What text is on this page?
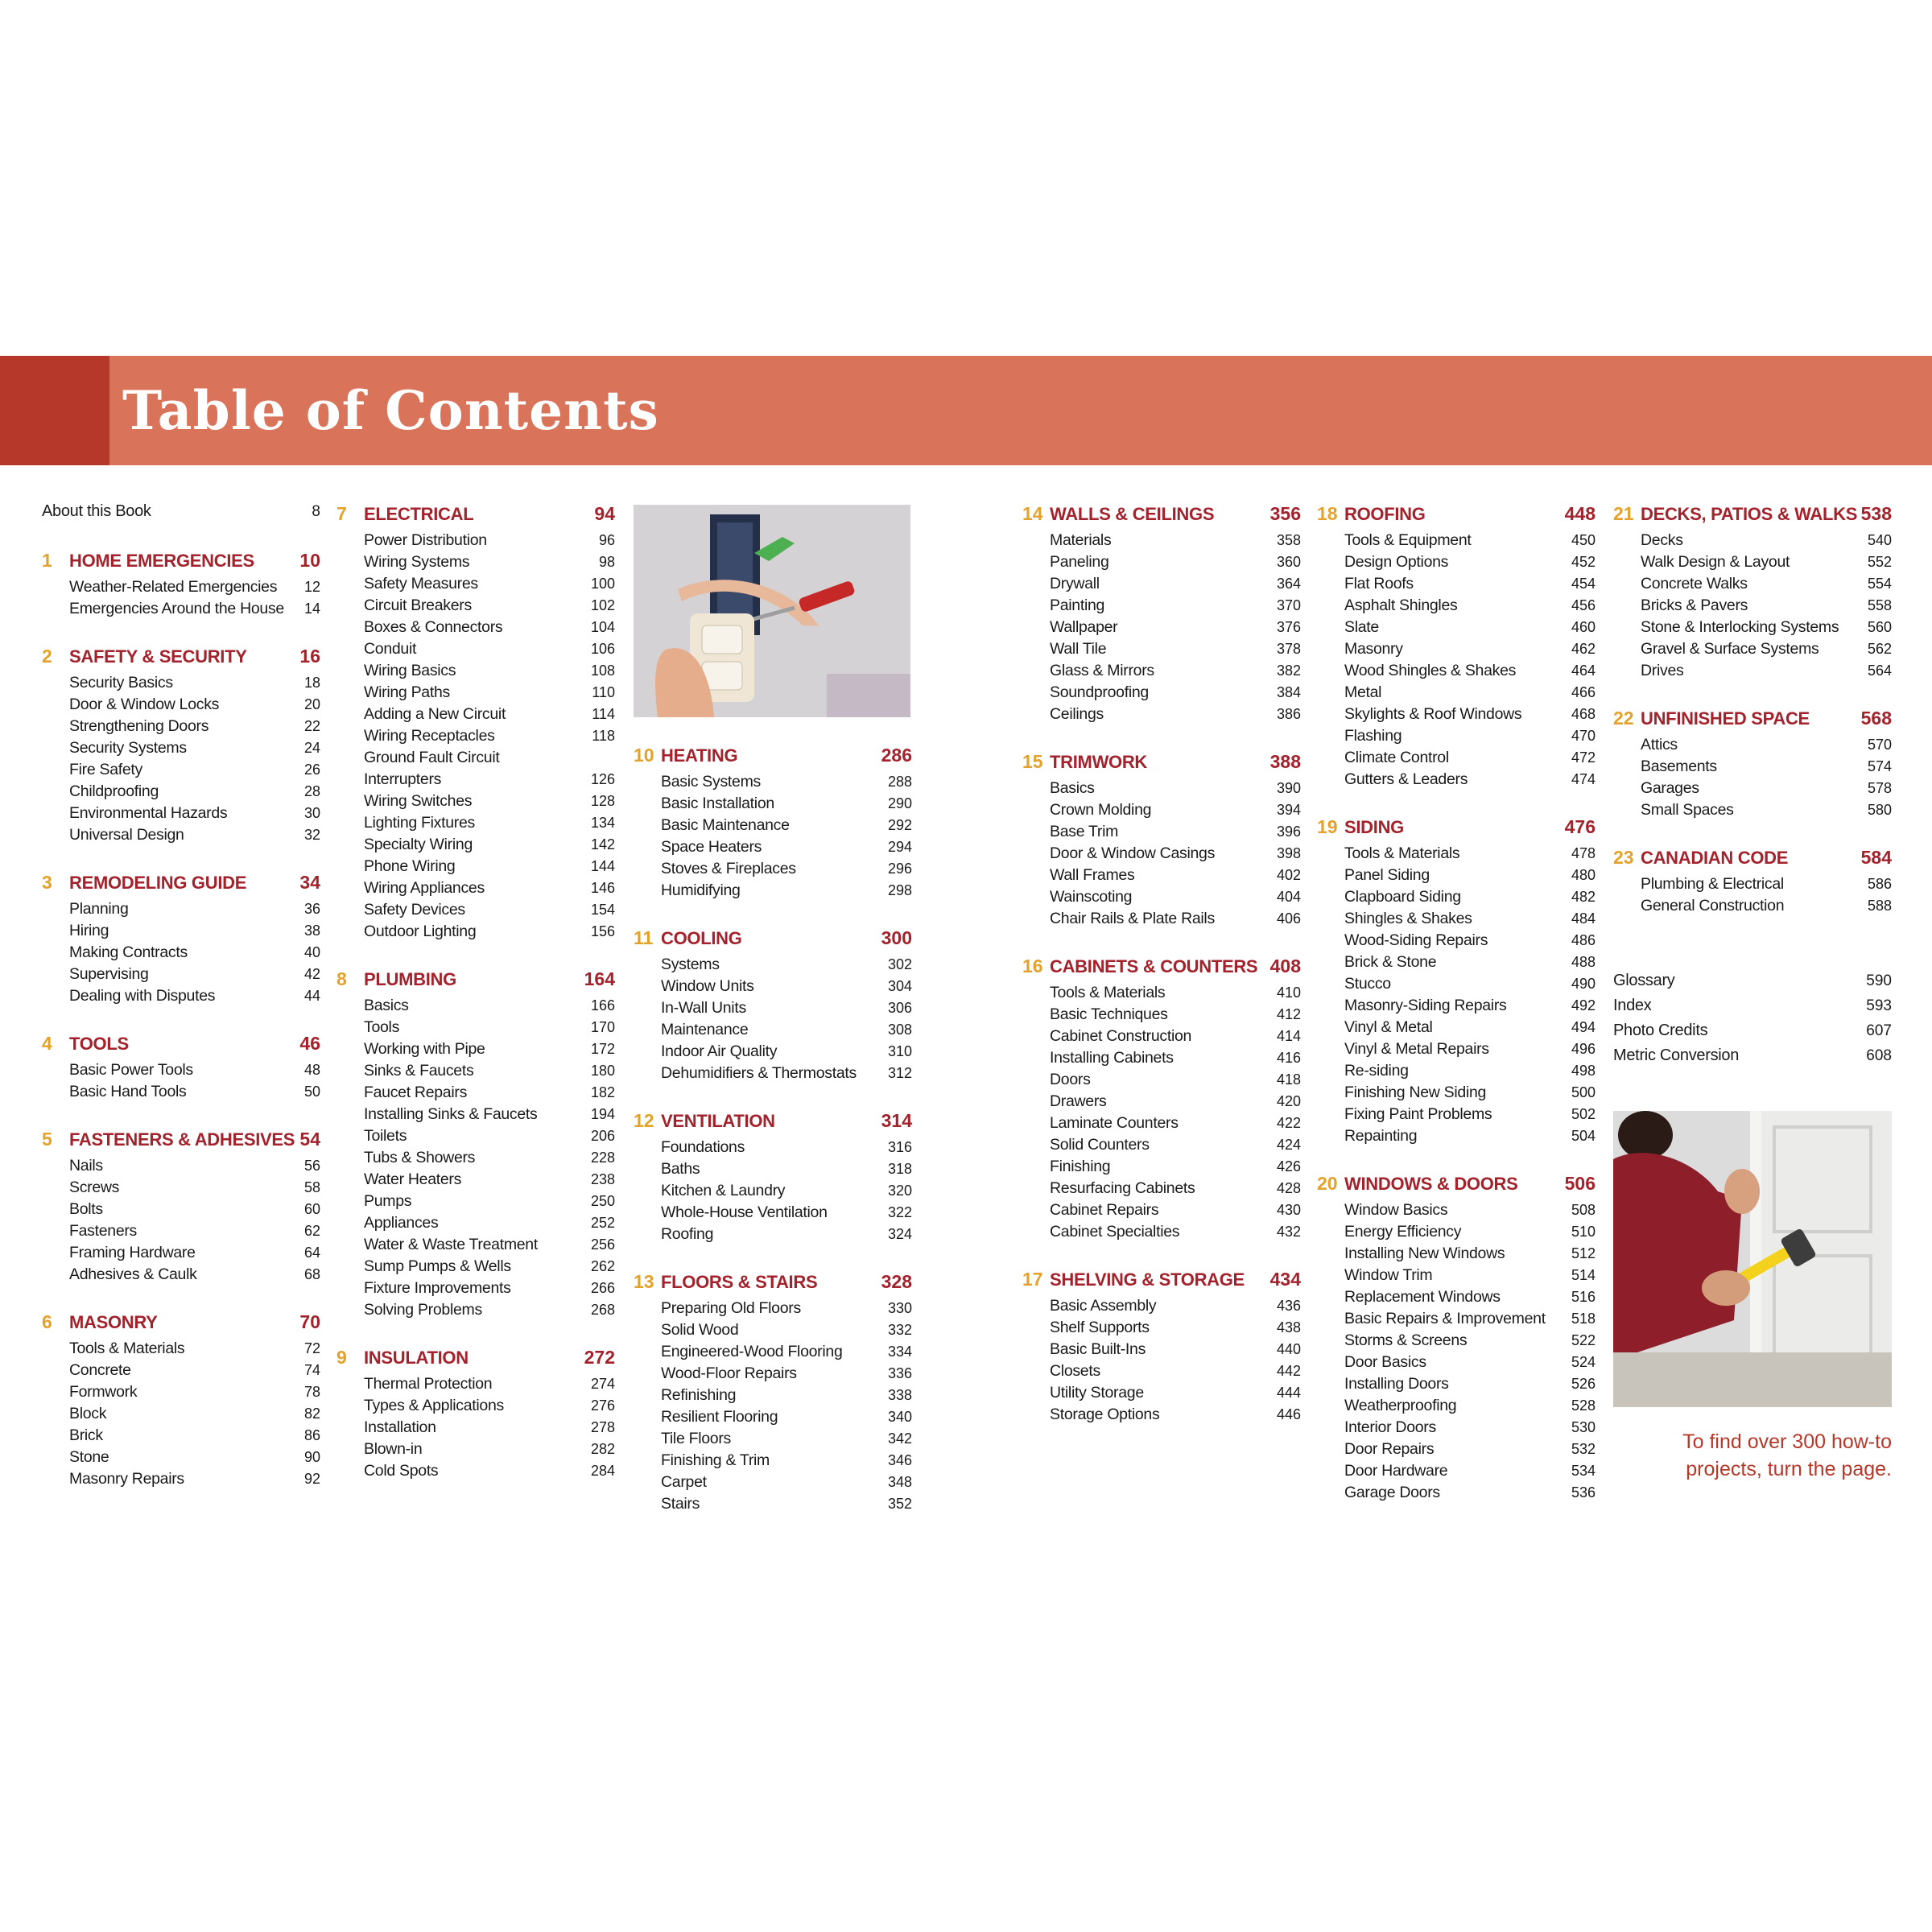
Table of Contents
About this Book	8
1 HOME EMERGENCIES 10
Weather-Related Emergencies 12
Emergencies Around the House 14
2 SAFETY & SECURITY	16
Security Basics	18
Door & Window Locks	20
Strengthening Doors	22
Security Systems	24
Fire Safety	26
Childproofing	28
Environmental Hazards	30
Universal Design	32
3 REMODELING GUIDE	34
Planning	36
Hiring	38
Making Contracts	40
Supervising	42
Dealing with Disputes	44
4 TOOLS	46
Basic Power Tools	48
Basic Hand Tools	50
5 FASTENERS & ADHESIVES 54
Nails	56
Screws	58
Bolts	60
Fasteners	62
Framing Hardware	64
Adhesives & Caulk	68
6 MASONRY	70
Tools & Materials	72
Concrete	74
Formwork	78
Block	82
Brick	86
Stone	90
Masonry Repairs	92
7 ELECTRICAL	94
Power Distribution	96
Wiring Systems	98
Safety Measures	100
Circuit Breakers	102
Boxes & Connectors	104
Conduit	106
Wiring Basics	108
Wiring Paths	110
Adding a New Circuit	114
Wiring Receptacles	118
Ground Fault Circuit
Interrupters	126
Wiring Switches	128
Lighting Fixtures	134
Specialty Wiring	142
Phone Wiring	144
Wiring Appliances	146
Safety Devices	154
Outdoor Lighting	156
8 PLUMBING	164
Basics	166
Tools	170
Working with Pipe	172
Sinks & Faucets	180
Faucet Repairs	182
Installing Sinks & Faucets	194
Toilets	206
Tubs & Showers	228
Water Heaters	238
Pumps	250
Appliances	252
Water & Waste Treatment	256
Sump Pumps & Wells	262
Fixture Improvements	266
Solving Problems	268
9 INSULATION	272
Thermal Protection	274
Types & Applications	276
Installation	278
Blown-in	282
Cold Spots	284
10 HEATING	286
Basic Systems	288
Basic Installation	290
Basic Maintenance	292
Space Heaters	294
Stoves & Fireplaces	296
Humidifying	298
11 COOLING	300
Systems	302
Window Units	304
In-Wall Units	306
Maintenance	308
Indoor Air Quality	310
Dehumidifiers & Thermostats 312
12 VENTILATION	314
Foundations	316
Baths	318
Kitchen & Laundry	320
Whole-House Ventilation	322
Roofing	324
13 FLOORS & STAIRS	328
Preparing Old Floors	330
Solid Wood	332
Engineered-Wood Flooring	334
Wood-Floor Repairs	336
Refinishing	338
Resilient Flooring	340
Tile Floors	342
Finishing & Trim	346
Carpet	348
Stairs	352
14 WALLS & CEILINGS	356
Materials	358
Paneling	360
Drywall	364
Painting	370
Wallpaper	376
Wall Tile	378
Glass & Mirrors	382
Soundproofing	384
Ceilings	386
15 TRIMWORK	388
Basics	390
Crown Molding	394
Base Trim	396
Door & Window Casings	398
Wall Frames	402
Wainscoting	404
Chair Rails & Plate Rails	406
16 CABINETS & COUNTERS 408
Tools & Materials	410
Basic Techniques	412
Cabinet Construction	414
Installing Cabinets	416
Doors	418
Drawers	420
Laminate Counters	422
Solid Counters	424
Finishing	426
Resurfacing Cabinets	428
Cabinet Repairs	430
Cabinet Specialties	432
17 SHELVING & STORAGE 434
Basic Assembly	436
Shelf Supports	438
Basic Built-Ins	440
Closets	442
Utility Storage	444
Storage Options	446
18 ROOFING	448
Tools & Equipment	450
Design Options	452
Flat Roofs	454
Asphalt Shingles	456
Slate	460
Masonry	462
Wood Shingles & Shakes	464
Metal	466
Skylights & Roof Windows	468
Flashing	470
Climate Control	472
Gutters & Leaders	474
19 SIDING	476
Tools & Materials	478
Panel Siding	480
Clapboard Siding	482
Shingles & Shakes	484
Wood-Siding Repairs	486
Brick & Stone	488
Stucco	490
Masonry-Siding Repairs	492
Vinyl & Metal	494
Vinyl & Metal Repairs	496
Re-siding	498
Finishing New Siding	500
Fixing Paint Problems	502
Repainting	504
20 WINDOWS & DOORS	506
Window Basics	508
Energy Efficiency	510
Installing New Windows	512
Window Trim	514
Replacement Windows	516
Basic Repairs & Improvement 518
Storms & Screens	522
Door Basics	524
Installing Doors	526
Weatherproofing	528
Interior Doors	530
Door Repairs	532
Door Hardware	534
Garage Doors	536
21 DECKS, PATIOS & WALKS 538
Decks	540
Walk Design & Layout	552
Concrete Walks	554
Bricks & Pavers	558
Stone & Interlocking Systems 560
Gravel & Surface Systems	562
Drives	564
22 UNFINISHED SPACE	568
Attics	570
Basements	574
Garages	578
Small Spaces	580
23 CANADIAN CODE	584
Plumbing & Electrical	586
General Construction	588
Glossary	590
Index	593
Photo Credits	607
Metric Conversion	608
To find over 300 how-to
projects, turn the page.
